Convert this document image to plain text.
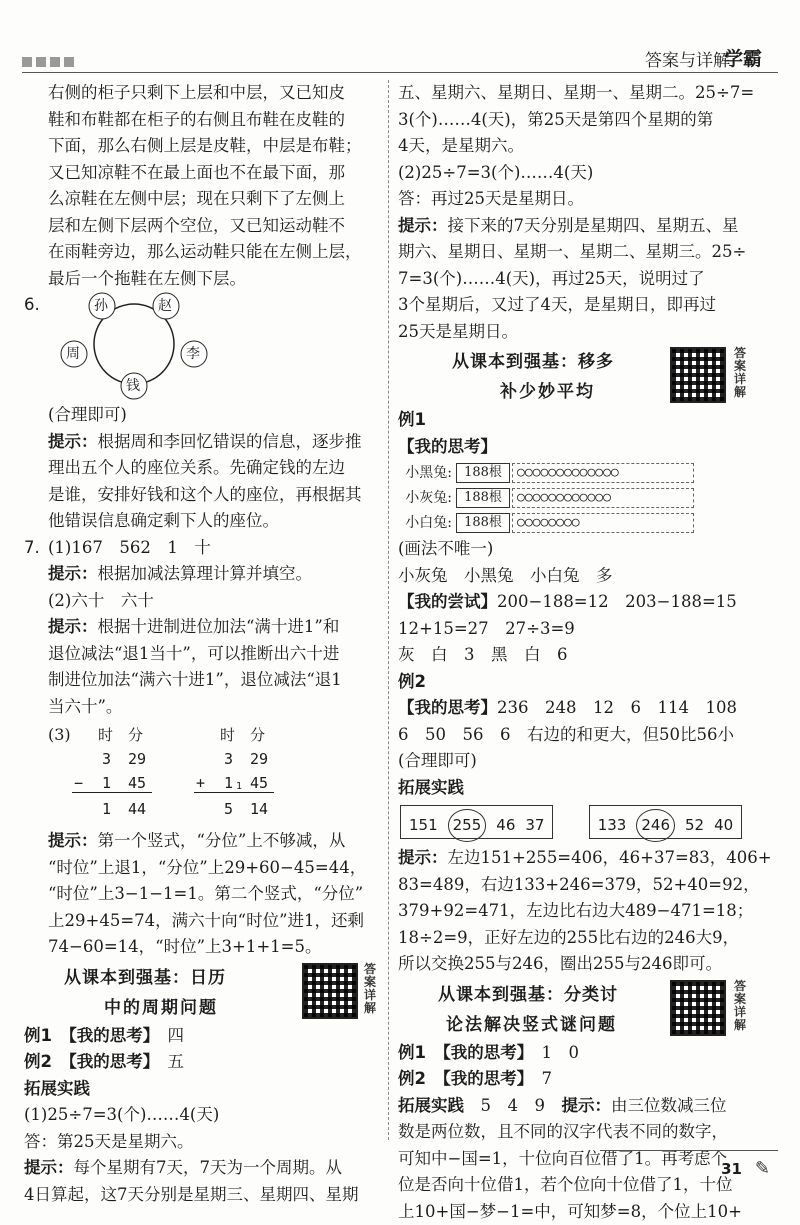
答案与详解
学霸
右侧的柜子只剩下上层和中层，又已知皮
鞋和布鞋都在柜子的右侧且布鞋在皮鞋的
下面，那么右侧上层是皮鞋，中层是布鞋；
又已知凉鞋不在最上面也不在最下面，那
么凉鞋在左侧中层；现在只剩下了左侧上
层和左侧下层两个空位，又已知运动鞋不
在雨鞋旁边，那么运动鞋只能在左侧上层，
最后一个拖鞋在左侧下层。
6.	孙	赵
周	李
钱
(合理即可)
提示：根据周和李回忆错误的信息，逐步推
理出五个人的座位关系。先确定钱的左边
是谁，安排好钱和这个人的座位，再根据其
他错误信息确定剩下人的座位。
7. (1)167　562　1　十
提示：根据加减法算理计算并填空。
(2)六十　六十
提示：根据十进制进位加法“满十进1”和
退位减法“退1当十”，可以推断出六十进
制进位加法“满六十进1”，退位减法“退1
当六十”。
(3) 时 分
3 29
− 1 45
1 44
时 分
3 29
+ 1 1 45
5 14
提示：第一个竖式，“分位”上不够减，从
“时位”上退1，“分位”上29+60−45=44，
“时位”上3−1−1=1。第二个竖式，“分位”
上29+45=74，满六十向“时位”进1，还剩
74−60=14，“时位”上3+1+1=5。
从课本到强基：日历
中的周期问题
答案详解
例1　 【我的思考】　 四
例2　 【我的思考】　 五
拓展实践
(1)25÷7=3(个)……4(天)
答：第25天是星期六。
提示：每个星期有7天，7天为一个周期。从
4日算起，这7天分别是星期三、星期四、星期
五、星期六、星期日、星期一、星期二。25÷7=
3(个)……4(天)，第25天是第四个星期的第
4天，是星期六。
(2)25÷7=3(个)……4(天)
答：再过25天是星期日。
提示：接下来的7天分别是星期四、星期五、星
期六、星期日、星期一、星期二、星期三。25÷
7=3(个)……4(天)，再过25天，说明过了
3个星期后，又过了4天，是星期日，即再过
25天是星期日。
从课本到强基：移多
补少妙平均
答案详解
例1
【我的思考】
小黑兔: 188根	○○○○○○○○○○○○○
小灰兔: 188根	○○○○○○○○○○○○
小白兔: 188根	○○○○○○○○
(画法不唯一)
小灰兔　小黑兔　小白兔　多
【我的尝试】200−188=12　203−188=15
12+15=27　27÷3=9
灰　白　3　黑　白　6
例2
【我的思考】236　248　12　6　114　108
6　50　56　6　右边的和更大，但50比56小
(合理即可)
拓展实践
151 255 46 37	133 246 52 40
提示：左边151+255=406，46+37=83，406+
83=489，右边133+246=379，52+40=92，
379+92=471，左边比右边大489−471=18；
18÷2=9，正好左边的255比右边的246大9，
所以交换255与246，圈出255与246即可。
从课本到强基：分类讨
论法解决竖式谜问题
答案详解
例1　 【我的思考】　 1　0
例2　 【我的思考】　 7
拓展实践　 5　4　9　 提示：由三位数减三位
数是两位数，且不同的汉字代表不同的数字，
可知中−国=1，十位向百位借了1。再考虑个
位是否向十位借1，若个位向十位借了1，十位
上10+国−梦−1=中，可知梦=8，个位上10+
31 ✎
